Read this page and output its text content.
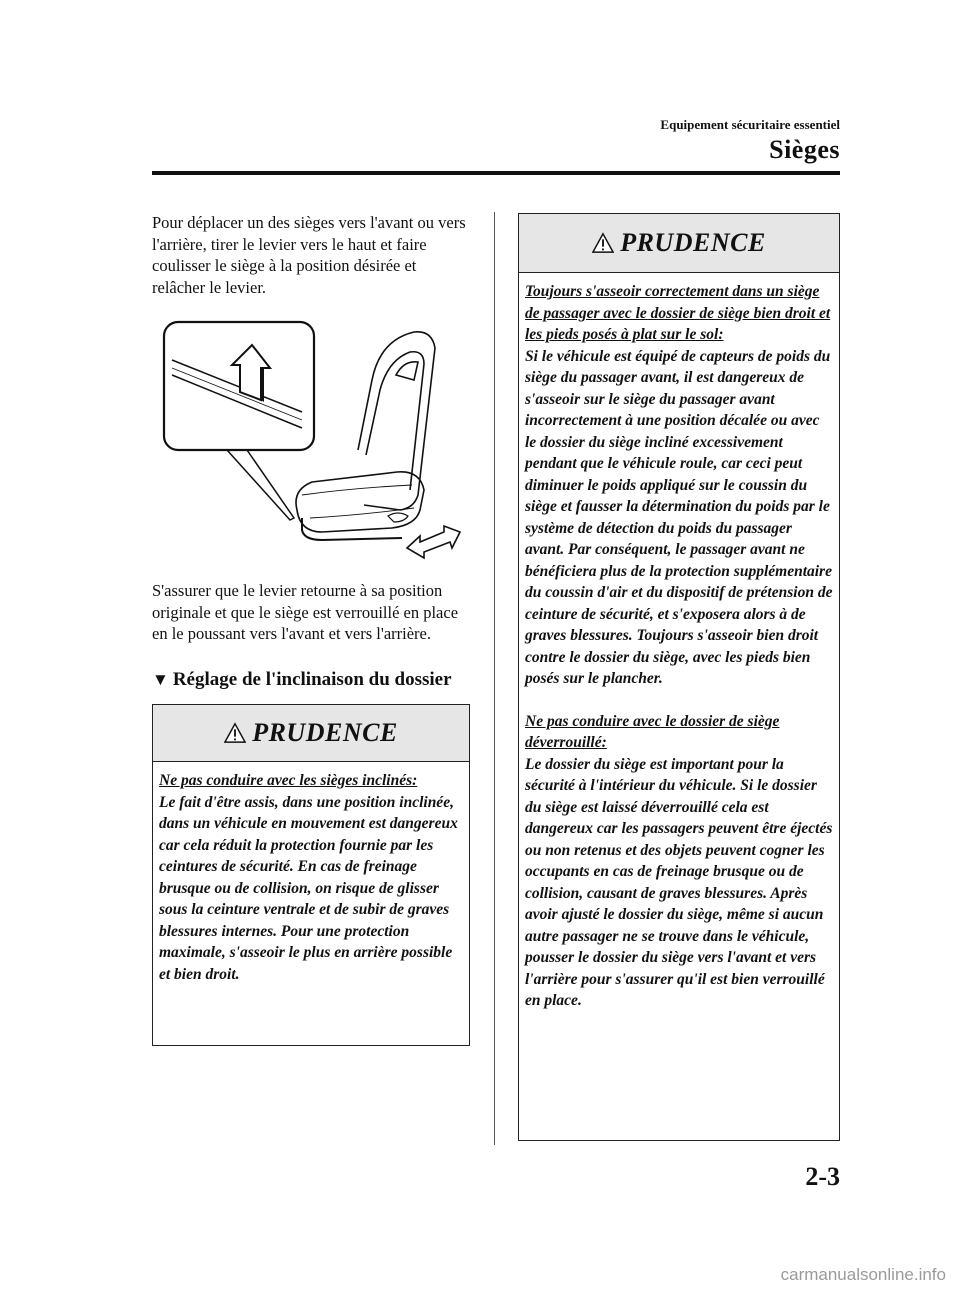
Equipement sécuritaire essentiel
Sièges

Pour déplacer un des sièges vers l'avant ou vers l'arrière, tirer le levier vers le haut et faire coulisser le siège à la position désirée et relâcher le levier.

S'assurer que le levier retourne à sa position originale et que le siège est verrouillé en place en le poussant vers l'avant et vers l'arrière.

▼ Réglage de l'inclinaison du dossier
PRUDENCE

Ne pas conduire avec les sièges inclinés:

Le fait d'être assis, dans une position inclinée, dans un véhicule en mouvement est dangereux car cela réduit la protection fournie par les ceintures de sécurité. En cas de freinage brusque ou de collision, on risque de glisser sous la ceinture ventrale et de subir de graves blessures internes. Pour une protection maximale, s'asseoir le plus en arrière possible et bien droit.

PRUDENCE

Toujours s'asseoir correctement dans un siège de passager avec le dossier de siège bien droit et les pieds posés à plat sur le sol:

Si le véhicule est équipé de capteurs de poids du siège du passager avant, il est dangereux de s'asseoir sur le siège du passager avant incorrectement à une position décalée ou avec le dossier du siège incliné excessivement pendant que le véhicule roule, car ceci peut diminuer le poids appliqué sur le coussin du siège et fausser la détermination du poids par le système de détection du poids du passager avant. Par conséquent, le passager avant ne bénéficiera plus de la protection supplémentaire du coussin d'air et du dispositif de prétension de ceinture de sécurité, et s'exposera alors à de graves blessures. Toujours s'asseoir bien droit contre le dossier du siège, avec les pieds bien posés sur le plancher.

Ne pas conduire avec le dossier de siège déverrouillé:

Le dossier du siège est important pour la sécurité à l'intérieur du véhicule. Si le dossier du siège est laissé déverrouillé cela est dangereux car les passagers peuvent être éjectés ou non retenus et des objets peuvent cogner les occupants en cas de freinage brusque ou de collision, causant de graves blessures. Après avoir ajusté le dossier du siège, même si aucun autre passager ne se trouve dans le véhicule, pousser le dossier du siège vers l'avant et vers l'arrière pour s'assurer qu'il est bien verrouillé en place.

2-3
carmanualsonline.info
